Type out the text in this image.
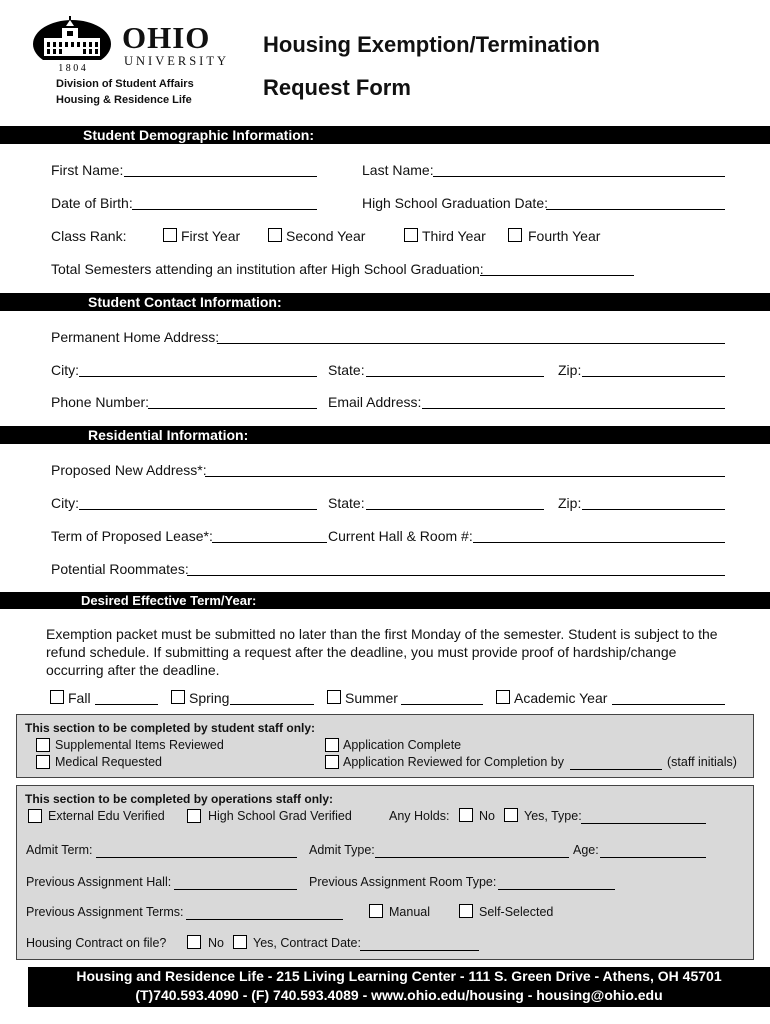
1 8 0 4
OHIO
UNIVERSITY
Division of Student Affairs
Housing & Residence Life
Housing Exemption/Termination
Request Form
Student Demographic Information:
First Name:	Last Name:
Date of Birth:	High School Graduation Date:
Class Rank:	First Year	Second Year	Third Year	Fourth Year
Total Semesters attending an institution after High School Graduation:
Student Contact Information:
Permanent Home Address:
City:	State:	Zip:
Phone Number:	Email Address:
Residential Information:
Proposed New Address*:
City:	State:	Zip:
Term of Proposed Lease*:	Current Hall & Room #:
Potential Roommates:
Desired Effective Term/Year:
Exemption packet must be submitted no later than the first Monday of the semester. Student is subject to the refund schedule. If submitting a request after the deadline, you must provide proof of hardship/change occurring after the deadline.
Fall	Spring	Summer	Academic Year
This section to be completed by student staff only:
Supplemental Items Reviewed
Medical Requested
Application Complete
Application Reviewed for Completion by	(staff initials)
This section to be completed by operations staff only:
External Edu Verified	High School Grad Verified	Any Holds: No Yes, Type:
Admit Term:	Admit Type:	Age:
Previous Assignment Hall:	Previous Assignment Room Type:
Previous Assignment Terms:	Manual	Self-Selected
Housing Contract on file?	No Yes, Contract Date:
Housing and Residence Life - 215 Living Learning Center - 111 S. Green Drive - Athens, OH 45701
(T)740.593.4090 - (F) 740.593.4089 - www.ohio.edu/housing - housing@ohio.edu
